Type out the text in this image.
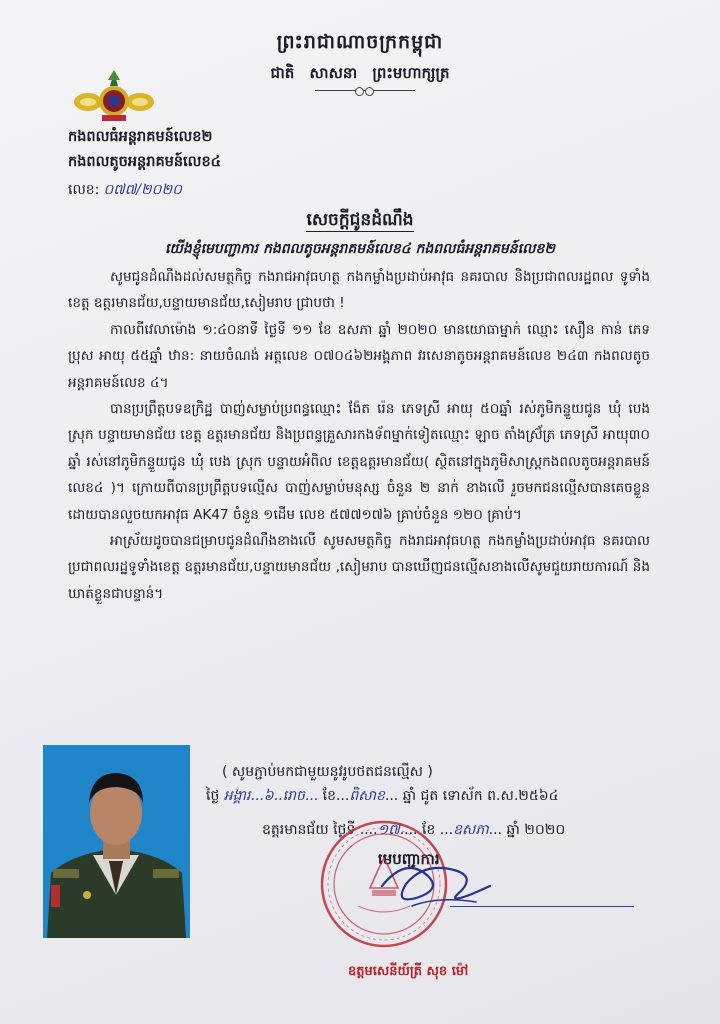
ព្រះរាជាណាចក្រកម្ពុជា
ជាតិ សាសនា ព្រះមហាក្សត្រ
កងពលធំអន្តរាគមន៍លេខ២
កងពលតូចអន្តរាគមន៍លេខ៤
លេខ: ០៧៧/២០២០
សេចក្តីជូនដំណឹង
យើងខ្ញុំមេបញ្ជាការ កងពលតូចអន្តរាគមន៍លេខ៤ កងពលធំអន្តរាគមន៍លេខ២

សូមជូនដំណឹងដល់សមត្ថកិច្ច កងរាជអាវុធហត្ថ កងកម្លាំងប្រដាប់អាវុធ នគរបាល និងប្រជាពលរដ្ឋពល ទូទាំងខេត្ត ឧត្តរមានជ័យ,បន្ទាយមានជ័យ,សៀមរាប ជ្រាបថា !

កាលពីវេលាម៉ោង ១:៤០នាទី ថ្ងៃទី ១១ ខែ ឧសភា ឆ្នាំ ២០២០ មានយោធាម្នាក់ ឈ្មោះ សឿន កាន់ ភេទប្រុស អាយុ ៥៥ឆ្នាំ ឋាន: នាយចំណង់ អត្តលេខ ០៧០៤៦២អង្គភាព វរសេនាតូចអន្តរាគមន៍លេខ ២៤៣ កងពលតូចអន្តរាគមន៍លេខ ៤។

បានប្រព្រឹត្តបទឧក្រិដ្ឋ បាញ់សម្លាប់ប្រពន្ធឈ្មោះ ង៉ែត រ៉េន ភេទស្រី អាយុ ៥០ឆ្នាំ រស់ភូមិកន្ទួយជូន ឃុំ បេង ស្រុក បន្ទាយមានជ័យ ខេត្ត ឧត្តរមានជ័យ និងប្រពន្ធគ្រួសារកងទ័ពម្នាក់ទៀតឈ្មោះ ឡាច តាំងស៊្រ័ត្រ ភេទស្រី អាយុ៣០ ឆ្នាំ រស់នៅភូមិកន្ទួយជូន ឃុំ បេង ស្រុក បន្ទាយអំពិល ខេត្តឧត្តរមានជ័យ( ស្ថិតនៅក្នុងភូមិសាស្ត្រកងពលតូចអន្តរាគមន៍លេខ៤ )។ ក្រោយពីបានប្រព្រឹត្តបទល្មើស បាញ់សម្លាប់មនុស្ស ចំនួន ២ នាក់ ខាងលើ រួចមកជនល្មើសបានគេចខ្លួនដោយបានលួចយកអាវុធ AK47 ចំនួន ១ដើម លេខ ៥៧៧១៧៦ គ្រាប់ចំនួន ១២០ គ្រាប់។

អាស្រ័យដូចបានជម្រាបជូនដំណឹងខាងលើ សូមសមត្ថកិច្ច កងរាជអាវុធហត្ថ កងកម្លាំងប្រដាប់អាវុធ នគរបាល ប្រជាពលរដ្ឋទូទាំងខេត្ត ឧត្តរមានជ័យ,បន្ទាយមានជ័យ ,សៀមរាប បានឃើញជនល្មើសខាងលើសូមជួយរាយការណ៍ និងឃាត់ខ្លួនជាបន្ទាន់។

( សូមភ្ជាប់មកជាមួយនូវរូបថតជនល្មើស )
ថ្ងៃ អង្គារ...៦..រោច... ខែ...ពិសាខ... ឆ្នាំ ជូត ទោស័ក ព.ស.២៥៦៤
ឧត្តរមានជ័យ ថ្ងៃទី ....១៧.... ខែ ...ឧសភា... ឆ្នាំ ២០២០
មេបញ្ជាការ
ឧត្តមសេនីយ៍ត្រី សុខ ម៉ៅ
